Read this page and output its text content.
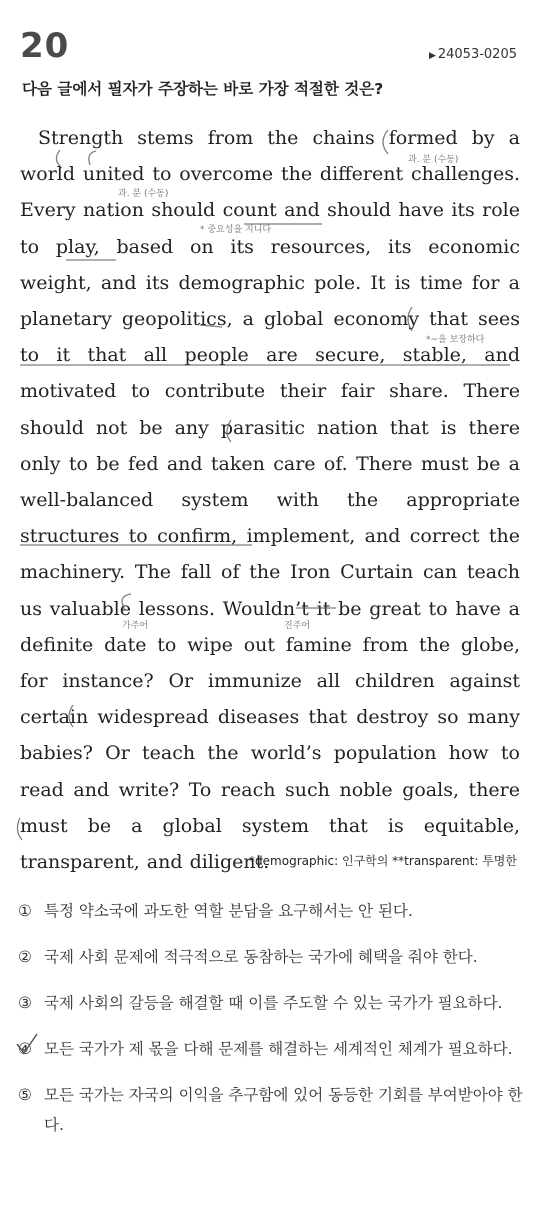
20	▶ 24053-0205
다음 글에서 필자가 주장하는 바로 가장 적절한 것은?
Strength stems from the chains formed by a world united to overcome the different challenges. Every nation should count and should have its role to play, based on its resources, its economic weight, and its demographic pole. It is time for a planetary geopolitics, a global economy that sees to it that all people are secure, stable, and motivated to contribute their fair share. There should not be any parasitic nation that is there only to be fed and taken care of. There must be a well-balanced system with the appropriate structures to confirm, implement, and correct the machinery. The fall of the Iron Curtain can teach us valuable lessons. Wouldn’t it be great to have a definite date to wipe out famine from the globe, for instance? Or immunize all children against certain widespread diseases that destroy so many babies? Or teach the world’s population how to read and write? To reach such noble goals, there must be a global system that is equitable, transparent, and diligent.
과. 분 (수동)
과. 분 (수동)
* 중요성을 지니다
*~을 보장하다
가주어	진주어
*demographic: 인구학의 **transparent: 투명한
① 특정 약소국에 과도한 역할 분담을 요구해서는 안 된다.
② 국제 사회 문제에 적극적으로 동참하는 국가에 혜택을 줘야 한다.
③ 국제 사회의 갈등을 해결할 때 이를 주도할 수 있는 국가가 필요하다.
④ 모든 국가가 제 몫을 다해 문제를 해결하는 세계적인 체계가 필요하다.
⑤ 모든 국가는 자국의 이익을 추구함에 있어 동등한 기회를 부여받아야 한다.
